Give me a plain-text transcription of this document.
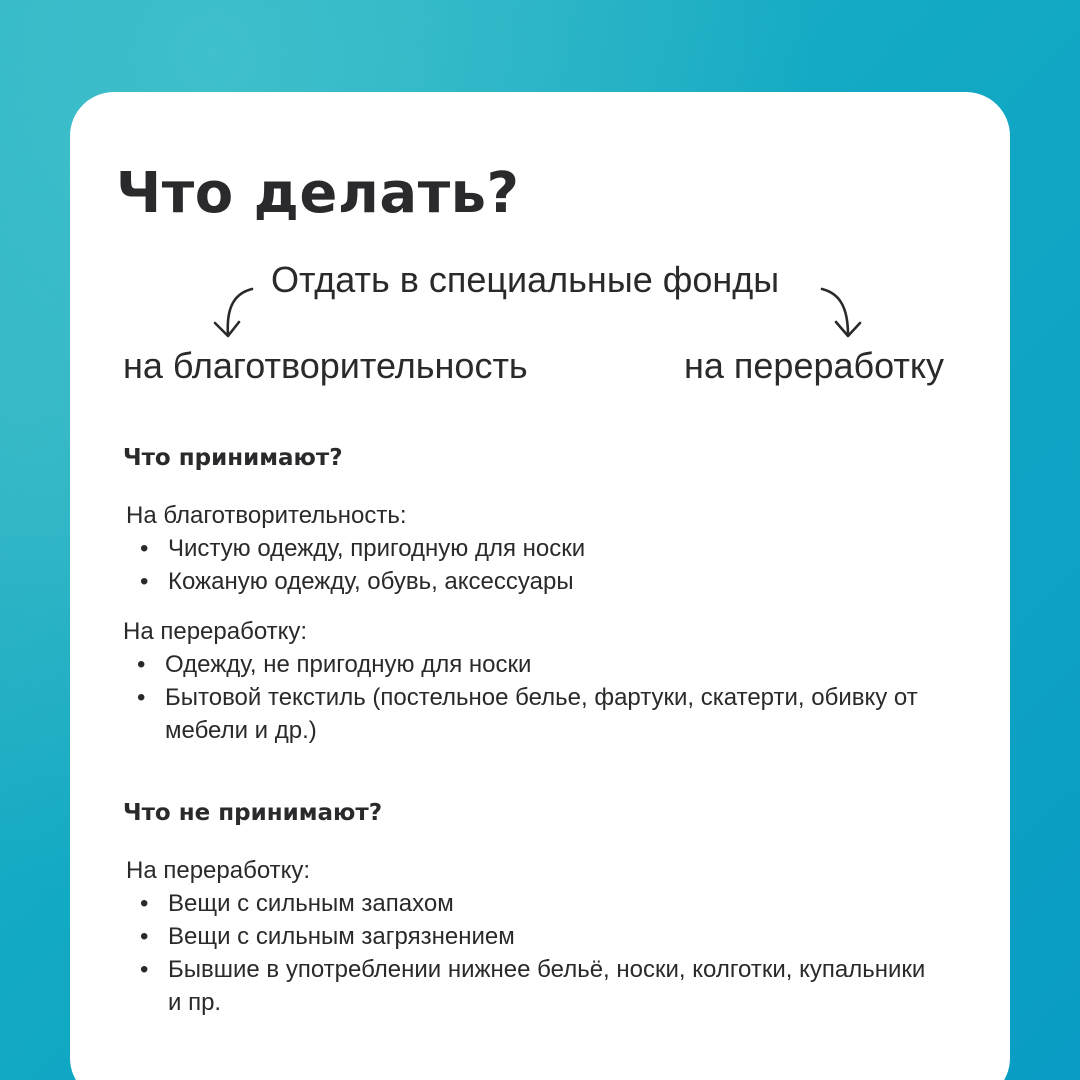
Что делать?
Отдать в специальные фонды
на благотворительность	на переработку
Что принимают?
На благотворительность:
• Чистую одежду, пригодную для носки
• Кожаную одежду, обувь, аксессуары
На переработку:
• Одежду, не пригодную для носки
• Бытовой текстиль (постельное белье, фартуки, скатерти, обивку от мебели и др.)
Что не принимают?
На переработку:
• Вещи с сильным запахом
• Вещи с сильным загрязнением
• Бывшие в употреблении нижнее бельё, носки, колготки, купальники и пр.
